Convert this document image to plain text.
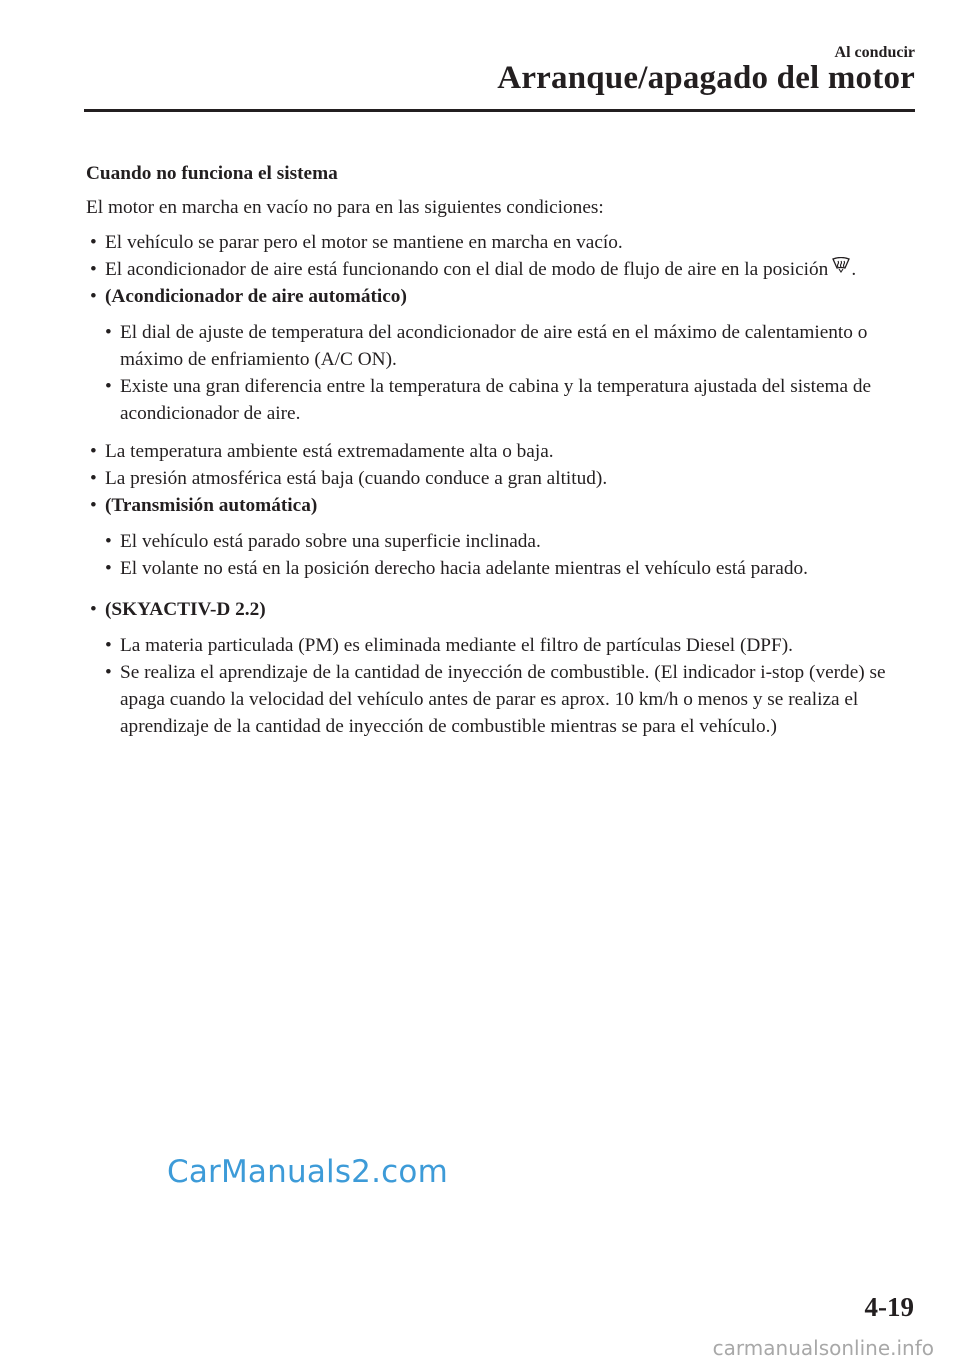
Al conducir
Arranque/apagado del motor
Cuando no funciona el sistema
El motor en marcha en vacío no para en las siguientes condiciones:
• El vehículo se parar pero el motor se mantiene en marcha en vacío.
• El acondicionador de aire está funcionando con el dial de modo de flujo de aire en la posición .
• (Acondicionador de aire automático)
• El dial de ajuste de temperatura del acondicionador de aire está en el máximo de calentamiento o máximo de enfriamiento (A/C ON).
• Existe una gran diferencia entre la temperatura de cabina y la temperatura ajustada del sistema de acondicionador de aire.
• La temperatura ambiente está extremadamente alta o baja.
• La presión atmosférica está baja (cuando conduce a gran altitud).
• (Transmisión automática)
• El vehículo está parado sobre una superficie inclinada.
• El volante no está en la posición derecho hacia adelante mientras el vehículo está parado.
• (SKYACTIV-D 2.2)
• La materia particulada (PM) es eliminada mediante el filtro de partículas Diesel (DPF).
• Se realiza el aprendizaje de la cantidad de inyección de combustible. (El indicador i-stop (verde) se apaga cuando la velocidad del vehículo antes de parar es aprox. 10 km/h o menos y se realiza el aprendizaje de la cantidad de inyección de combustible mientras se para el vehículo.)
CarManuals2.com
4-19
carmanualsonline.info
